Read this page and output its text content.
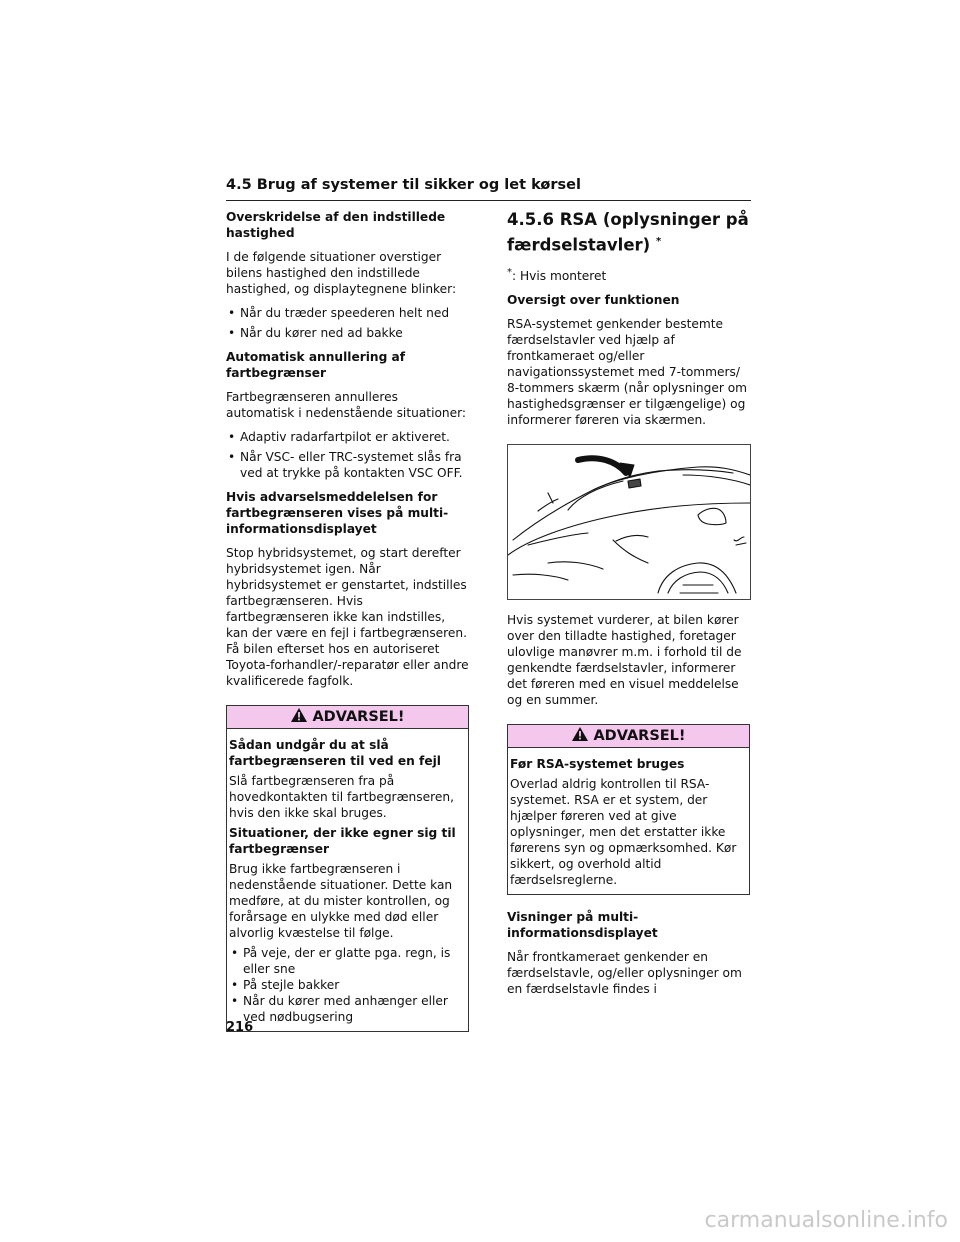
4.5 Brug af systemer til sikker og let kørsel
Overskridelse af den indstillede hastighed
I de følgende situationer overstiger bilens hastighed den indstillede hastighed, og displaytegnene blinker:
• Når du træder speederen helt ned
• Når du kører ned ad bakke
Automatisk annullering af fartbegrænser
Fartbegrænseren annulleres automatisk i nedenstående situationer:
• Adaptiv radarfartpilot er aktiveret.
• Når VSC- eller TRC-systemet slås fra ved at trykke på kontakten VSC OFF.
Hvis advarselsmeddelelsen for fartbegrænseren vises på multi-informationsdisplayet
Stop hybridsystemet, og start derefter hybridsystemet igen. Når hybridsystemet er genstartet, indstilles fartbegrænseren. Hvis fartbegrænseren ikke kan indstilles, kan der være en fejl i fartbegrænseren. Få bilen efterset hos en autoriseret Toyota-forhandler/-reparatør eller andre kvalificerede fagfolk.
ADVARSEL!
Sådan undgår du at slå fartbegrænseren til ved en fejl
Slå fartbegrænseren fra på hovedkontakten til fartbegrænseren, hvis den ikke skal bruges.
Situationer, der ikke egner sig til fartbegrænser
Brug ikke fartbegrænseren i nedenstående situationer. Dette kan medføre, at du mister kontrollen, og forårsage en ulykke med død eller alvorlig kvæstelse til følge.
• På veje, der er glatte pga. regn, is eller sne
• På stejle bakker
• Når du kører med anhænger eller ved nødbugsering
4.5.6 RSA (oplysninger på færdselstavler) *
*: Hvis monteret
Oversigt over funktionen
RSA-systemet genkender bestemte færdselstavler ved hjælp af frontkameraet og/eller navigationssystemet med 7-tommers/ 8-tommers skærm (når oplysninger om hastighedsgrænser er tilgængelige) og informerer føreren via skærmen.
Hvis systemet vurderer, at bilen kører over den tilladte hastighed, foretager ulovlige manøvrer m.m. i forhold til de genkendte færdselstavler, informerer det føreren med en visuel meddelelse og en summer.
ADVARSEL!
Før RSA-systemet bruges
Overlad aldrig kontrollen til RSA-systemet. RSA er et system, der hjælper føreren ved at give oplysninger, men det erstatter ikke førerens syn og opmærksomhed. Kør sikkert, og overhold altid færdselsreglerne.
Visninger på multi-informationsdisplayet
Når frontkameraet genkender en færdselstavle, og/eller oplysninger om en færdselstavle findes i
216
carmanualsonline.info
